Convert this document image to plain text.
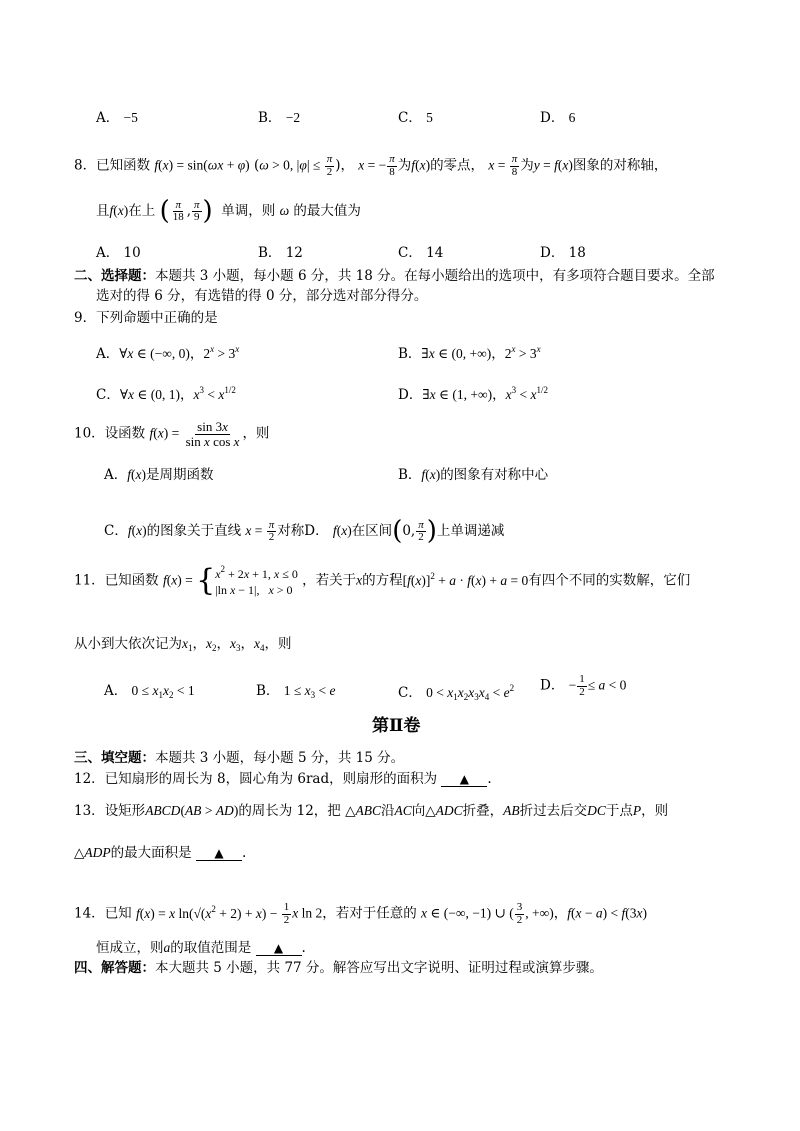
A． −5	B． −2	C． 5	D． 6
8．已知函数 f(x) = sin(ωx + φ) (ω > 0, $|\varphi| \le \frac{\pi}{2}$ )， x = − $\frac{\pi}{8}$ 为f(x)的零点， $x = \frac{\pi}{8}$ 为y = f(x)图象的对称轴，
且f(x)在上 ( $\frac{\pi}{18}$ , $\frac{\pi}{9}$ ) 单调，则 ω 的最大值为
A． 10	B． 12	C． 14	D． 18
二、选择题：本题共 3 小题，每小题 6 分，共 18 分。在每小题给出的选项中，有多项符合题目要求。全部
选对的得 6 分，有选错的得 0 分，部分选对部分得分。
9．下列命题中正确的是
A．∀x ∈ (−∞, 0)，$2^x > 3^x$	B．∃x ∈ (0, +∞)，$2^x > 3^x$
C．∀x ∈ (0, 1)，$x^3 < x^{1/2}$	D．∃x ∈ (1, +∞)，$x^3 < x^{1/2}$
10．设函数 $f(x) = \frac{\sin 3x}{\text{sin x cos x}}$ ，则
A．f(x)是周期函数	B．f(x)的图象有对称中心
C．f(x)的图象关于直线 $x = \frac{\pi}{2}$ 对称D． f(x)在区间(0, $\frac{\pi}{2}$ )上单调递减
11．已知函数 f(x) = { $x^2 + 2x + 1$, x ≤ 0
|ln x − 1|,   x > 0
，若关于x的方程$[f(x)]^2 + a \cdot f(x) + a = 0$有四个不同的实数解，它们
从小到大依次记为$x_1$，$x_2$，$x_3$，$x_4$，则
A． $0 \le x_1x_2 < 1$	B． $1 \le x_3 < e$	C． $0 < x_1x_2x_3x_4 < e^2$ D． − $\frac{1}{2} \le a < 0$
第Ⅱ卷
三、填空题：本题共 3 小题，每小题 5 分，共 15 分。
12．已知扇形的周长为 8，圆心角为 6rad，则扇形的面积为 ▲ .
13．设矩形ABCD(AB > AD)的周长为 12，把 △ABC沿AC向△ADC折叠，AB折过去后交DC于点P，则
△ADP的最大面积是 ▲ .
14．已知 f(x) = x $\ln(√(x^2 + 2) + x) - \frac{1}{2}$ x ln 2，若对于任意的 x ∈ (−∞, −1) ∪ ( $\frac{3}{2}$ , +∞)，f(x − a) < f(3x)
恒成立，则a的取值范围是 ▲ .
四、解答题：本大题共 5 小题，共 77 分。解答应写出文字说明、证明过程或演算步骤。
